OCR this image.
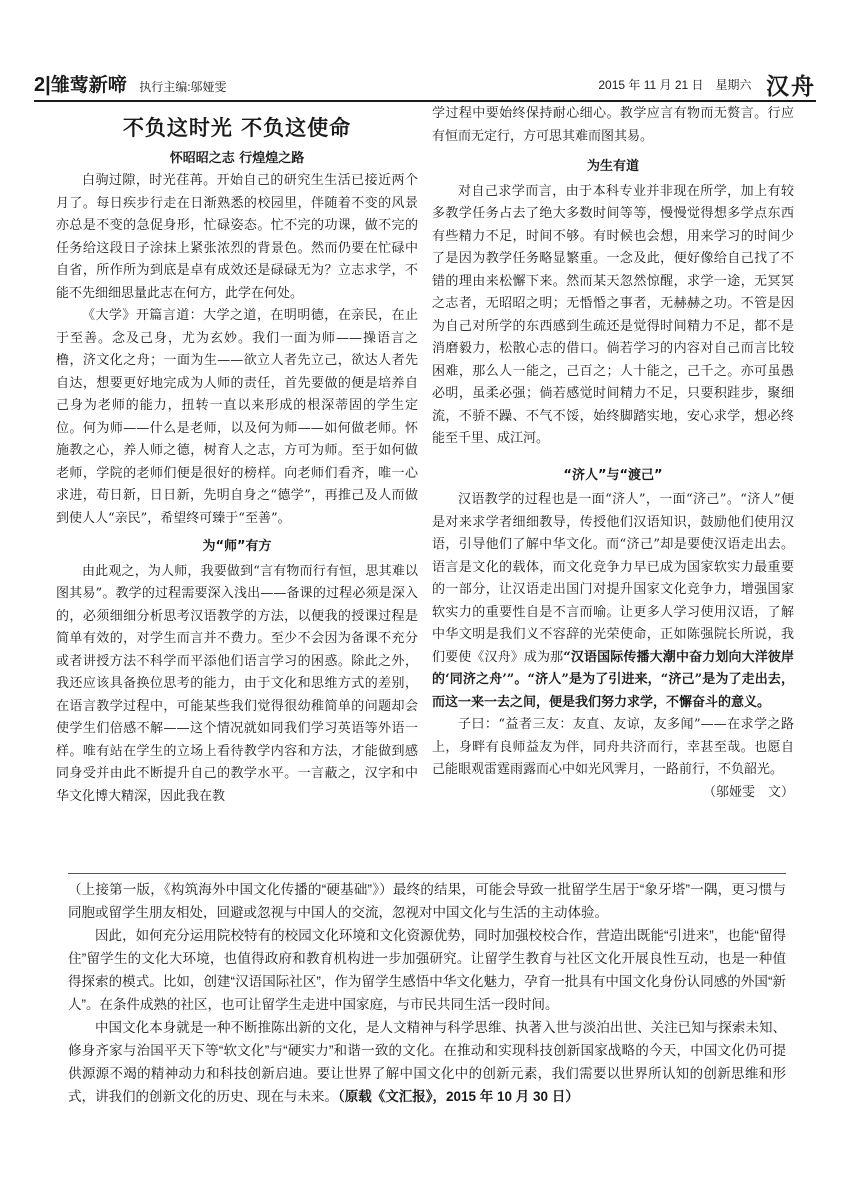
2|雏莺新啼 执行主编:邬娅雯	2015 年 11 月 21 日　星期六 汉舟
不负这时光 不负这使命
怀昭昭之志 行煌煌之路

白驹过隙，时光荏苒。开始自己的研究生生活已接近两个月了。每日疾步行走在日渐熟悉的校园里，伴随着不变的风景亦总是不变的急促身形，忙碌姿态。忙不完的功课，做不完的任务给这段日子涂抹上紧张浓烈的背景色。然而仍要在忙碌中自省，所作所为到底是卓有成效还是碌碌无为？立志求学，不能不先细细思量此志在何方，此学在何处。

《大学》开篇言道：大学之道，在明明德，在亲民，在止于至善。念及己身，尤为玄妙。我们一面为师——操语言之橹，济文化之舟；一面为生——欲立人者先立己，欲达人者先自达，想要更好地完成为人师的责任，首先要做的便是培养自己身为老师的能力，扭转一直以来形成的根深蒂固的学生定位。何为师——什么是老师，以及何为师——如何做老师。怀施教之心，养人师之德，树育人之志，方可为师。至于如何做老师，学院的老师们便是很好的榜样。向老师们看齐，唯一心求进，苟日新，日日新，先明自身之“德学”，再推己及人而做到使人人“亲民”，希望终可臻于“至善”。

为“师”有方

由此观之，为人师，我要做到“言有物而行有恒，思其难以图其易”。教学的过程需要深入浅出——备课的过程必须是深入的，必须细细分析思考汉语教学的方法，以便我的授课过程是简单有效的，对学生而言并不费力。至少不会因为备课不充分或者讲授方法不科学而平添他们语言学习的困惑。除此之外，我还应该具备换位思考的能力，由于文化和思维方式的差别，在语言教学过程中，可能某些我们觉得很幼稚简单的问题却会使学生们倍感不解——这个情况就如同我们学习英语等外语一样。唯有站在学生的立场上看待教学内容和方法，才能做到感同身受并由此不断提升自己的教学水平。一言蔽之，汉字和中华文化博大精深，因此我在教

学过程中要始终保持耐心细心。教学应言有物而无赘言。行应有恒而无定行，方可思其难而图其易。

为生有道

对自己求学而言，由于本科专业并非现在所学，加上有较多教学任务占去了绝大多数时间等等，慢慢觉得想多学点东西有些精力不足，时间不够。有时候也会想，用来学习的时间少了是因为教学任务略显繁重。一念及此，便好像给自己找了不错的理由来松懈下来。然而某天忽然惊醒，求学一途，无冥冥之志者，无昭昭之明；无惛惛之事者，无赫赫之功。不管是因为自己对所学的东西感到生疏还是觉得时间精力不足，都不是消磨毅力，松散心志的借口。倘若学习的内容对自己而言比较困难，那么人一能之，己百之；人十能之，己千之。亦可虽愚必明，虽柔必强；倘若感觉时间精力不足，只要积跬步，聚细流，不骄不躁、不气不馁，始终脚踏实地，安心求学，想必终能至千里、成江河。

“济人”与“渡己”

汉语教学的过程也是一面“济人”，一面“济己”。“济人”便是对来求学者细细教导，传授他们汉语知识，鼓励他们使用汉语，引导他们了解中华文化。而“济己”却是要使汉语走出去。语言是文化的载体，而文化竞争力早已成为国家软实力最重要的一部分，让汉语走出国门对提升国家文化竞争力，增强国家软实力的重要性自是不言而喻。让更多人学习使用汉语，了解中华文明是我们义不容辞的光荣使命，正如陈强院长所说，我们要使《汉舟》成为那“汉语国际传播大潮中奋力划向大洋彼岸的‘同济之舟’”。“济人”是为了引进来，“济己”是为了走出去，而这一来一去之间，便是我们努力求学，不懈奋斗的意义。

子曰：“益者三友：友直、友谅，友多闻”——在求学之路上，身畔有良师益友为伴，同舟共济而行，幸甚至哉。也愿自己能眼观雷霆雨露而心中如光风霁月，一路前行，不负韶光。

（邬娅雯　文）

（上接第一版，《构筑海外中国文化传播的“硬基础”》）最终的结果，可能会导致一批留学生居于“象牙塔”一隅，更习惯与同胞或留学生朋友相处，回避或忽视与中国人的交流，忽视对中国文化与生活的主动体验。

因此，如何充分运用院校特有的校园文化环境和文化资源优势，同时加强校校合作，营造出既能“引进来”，也能“留得住”留学生的文化大环境，也值得政府和教育机构进一步加强研究。让留学生教育与社区文化开展良性互动，也是一种值得探索的模式。比如，创建“汉语国际社区”，作为留学生感悟中华文化魅力，孕育一批具有中国文化身份认同感的外国“新人”。在条件成熟的社区，也可让留学生走进中国家庭，与市民共同生活一段时间。

中国文化本身就是一种不断推陈出新的文化，是人文精神与科学思维、执著入世与淡泊出世、关注已知与探索未知、修身齐家与治国平天下等“软文化”与“硬实力”和谐一致的文化。在推动和实现科技创新国家战略的今天，中国文化仍可提供源源不竭的精神动力和科技创新启迪。要让世界了解中国文化中的创新元素，我们需要以世界所认知的创新思维和形式，讲我们的创新文化的历史、现在与未来。（原载《文汇报》，2015 年 10 月 30 日）
